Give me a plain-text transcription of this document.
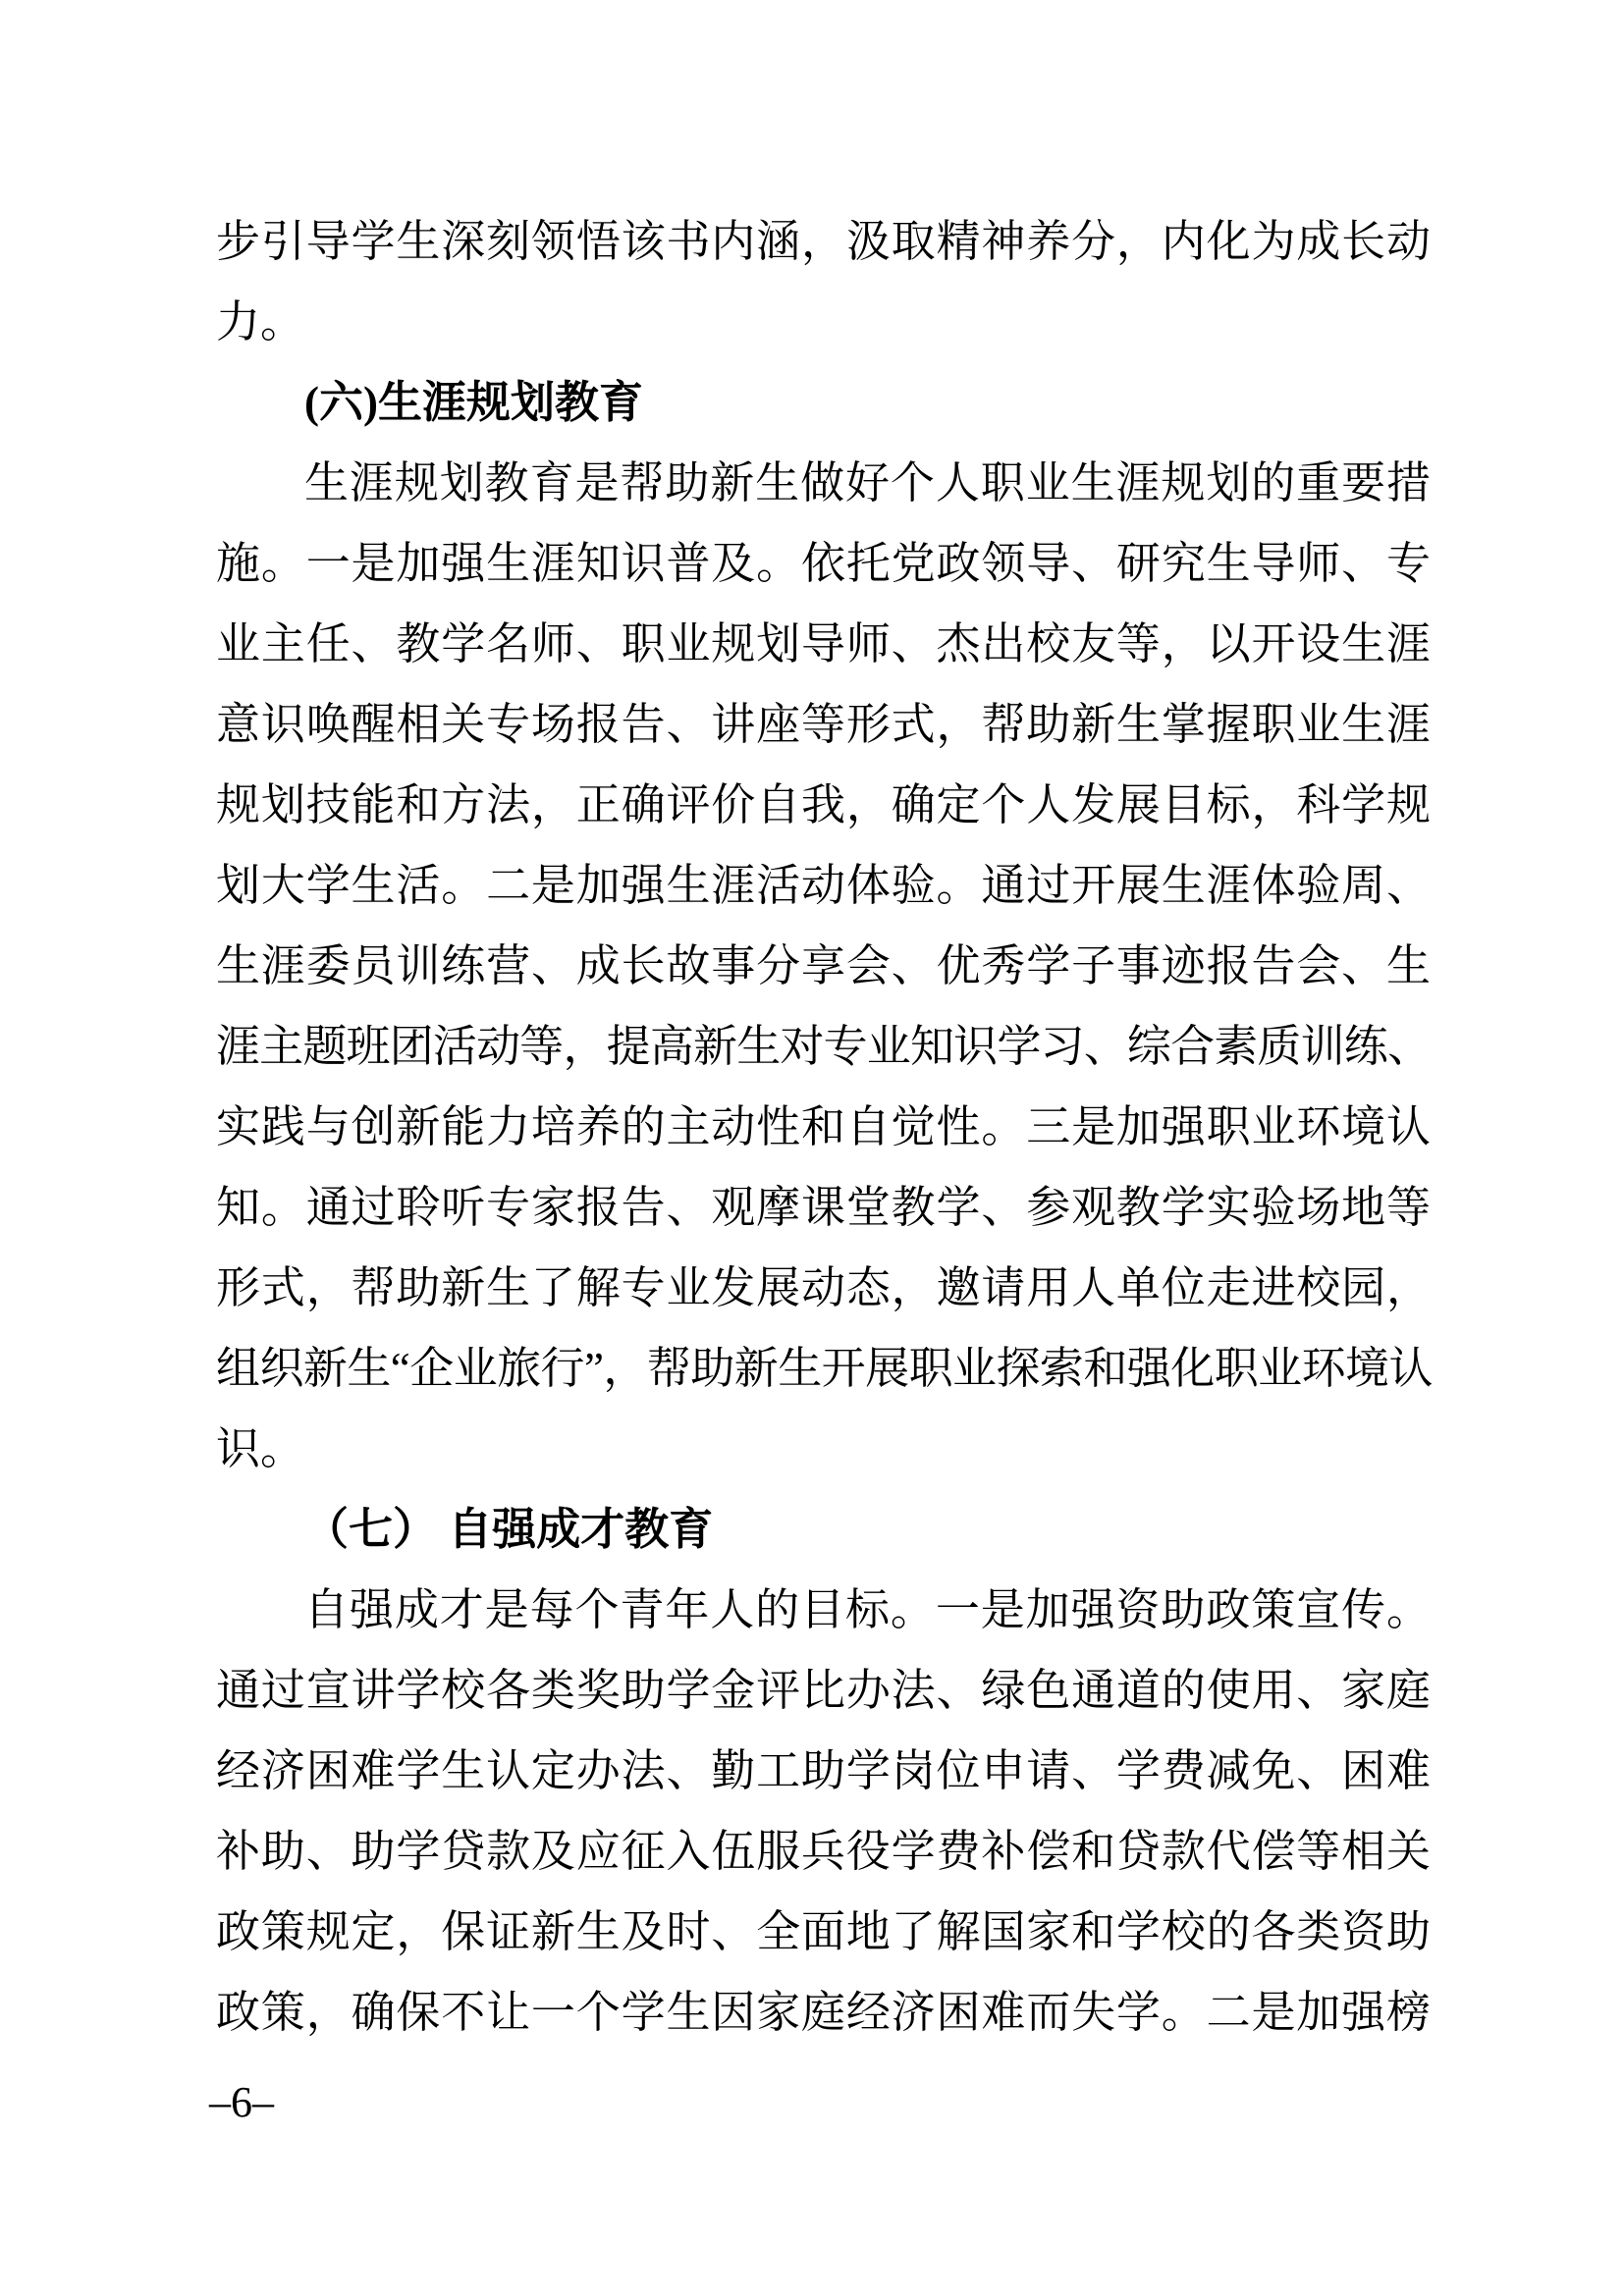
步引导学生深刻领悟该书内涵，汲取精神养分，内化为成长动
力。
(六)生涯规划教育
生涯规划教育是帮助新生做好个人职业生涯规划的重要措
施。一是加强生涯知识普及。依托党政领导、研究生导师、专
业主任、教学名师、职业规划导师、杰出校友等，以开设生涯
意识唤醒相关专场报告、讲座等形式，帮助新生掌握职业生涯
规划技能和方法，正确评价自我，确定个人发展目标，科学规
划大学生活。二是加强生涯活动体验。通过开展生涯体验周、
生涯委员训练营、成长故事分享会、优秀学子事迹报告会、生
涯主题班团活动等，提高新生对专业知识学习、综合素质训练、
实践与创新能力培养的主动性和自觉性。三是加强职业环境认
知。通过聆听专家报告、观摩课堂教学、参观教学实验场地等
形式，帮助新生了解专业发展动态，邀请用人单位走进校园，
组织新生“企业旅行”，帮助新生开展职业探索和强化职业环境认
识。
（七） 自强成才教育
自强成才是每个青年人的目标。一是加强资助政策宣传。
通过宣讲学校各类奖助学金评比办法、绿色通道的使用、家庭
经济困难学生认定办法、勤工助学岗位申请、学费减免、困难
补助、助学贷款及应征入伍服兵役学费补偿和贷款代偿等相关
政策规定，保证新生及时、全面地了解国家和学校的各类资助
政策，确保不让一个学生因家庭经济困难而失学。二是加强榜
–6–
